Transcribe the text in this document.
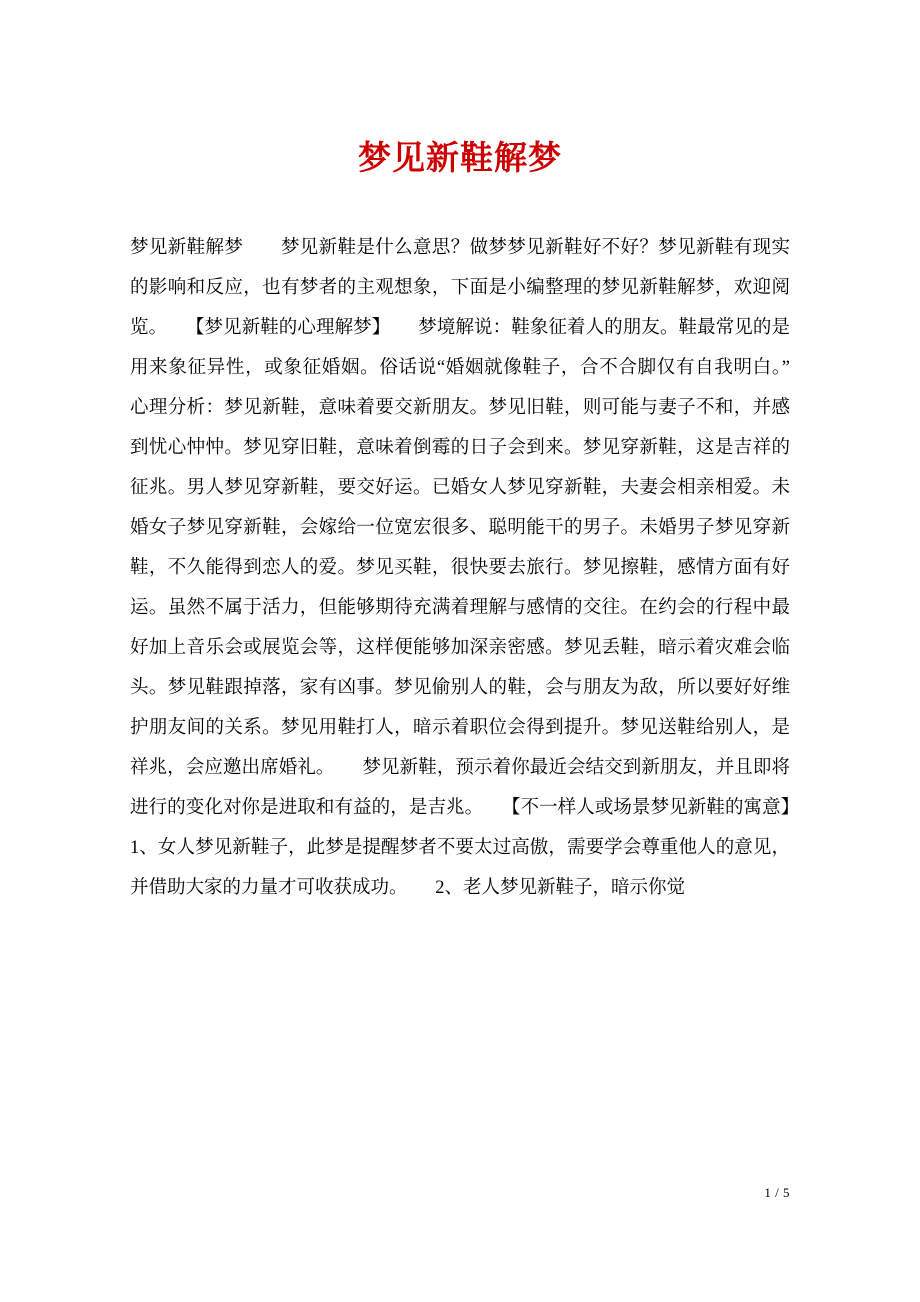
梦见新鞋解梦
梦见新鞋解梦　　梦见新鞋是什么意思？做梦梦见新鞋好不好？梦见新鞋有现实的影响和反应，也有梦者的主观想象，下面是小编整理的梦见新鞋解梦，欢迎阅览。　　【梦见新鞋的心理解梦】　　梦境解说：鞋象征着人的朋友。鞋最常见的是用来象征异性，或象征婚姻。俗话说“婚姻就像鞋子，合不合脚仅有自我明白。”　　心理分析：梦见新鞋，意味着要交新朋友。梦见旧鞋，则可能与妻子不和，并感到忧心忡忡。梦见穿旧鞋，意味着倒霉的日子会到来。梦见穿新鞋，这是吉祥的征兆。男人梦见穿新鞋，要交好运。已婚女人梦见穿新鞋，夫妻会相亲相爱。未婚女子梦见穿新鞋，会嫁给一位宽宏很多、聪明能干的男子。未婚男子梦见穿新鞋，不久能得到恋人的爱。梦见买鞋，很快要去旅行。梦见擦鞋，感情方面有好运。虽然不属于活力，但能够期待充满着理解与感情的交往。在约会的行程中最好加上音乐会或展览会等，这样便能够加深亲密感。梦见丢鞋，暗示着灾难会临头。梦见鞋跟掉落，家有凶事。梦见偷别人的鞋，会与朋友为敌，所以要好好维护朋友间的关系。梦见用鞋打人，暗示着职位会得到提升。梦见送鞋给别人，是祥兆，会应邀出席婚礼。　　梦见新鞋，预示着你最近会结交到新朋友，并且即将进行的变化对你是进取和有益的，是吉兆。　　【不一样人或场景梦见新鞋的寓意】　　1、女人梦见新鞋子，此梦是提醒梦者不要太过高傲，需要学会尊重他人的意见，并借助大家的力量才可收获成功。　　2、老人梦见新鞋子，暗示你觉
1 / 5
